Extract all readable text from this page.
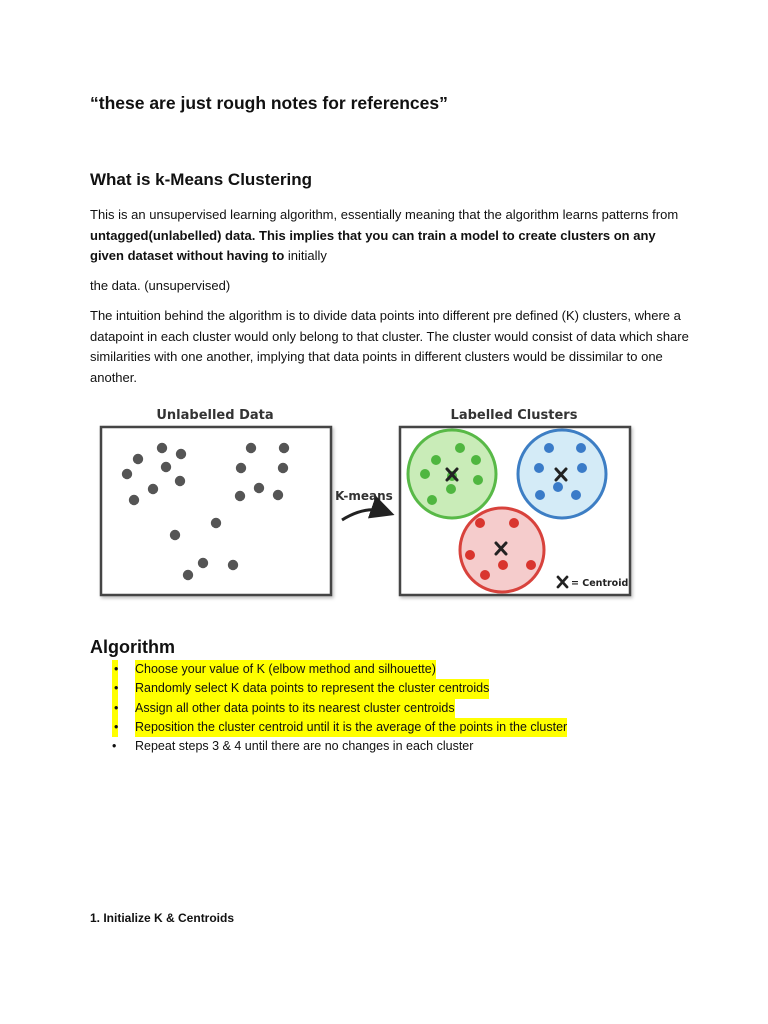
“these are just rough notes for references”
What is k-Means Clustering
This is an unsupervised learning algorithm, essentially meaning that the algorithm learns patterns from untagged(unlabelled) data. This implies that you can train a model to create clusters on any given dataset without having to initially
the data. (unsupervised)
The intuition behind the algorithm is to divide data points into different pre defined (K) clusters, where a datapoint in each cluster would only belong to that cluster. The cluster would consist of data which share similarities with one another, implying that data points in different clusters would be dissimilar to one another.
Unlabelled Data
K-means
Labelled Clusters
= Centroid
Algorithm
• Choose your value of K (elbow method and silhouette)
• Randomly select K data points to represent the cluster centroids
• Assign all other data points to its nearest cluster centroids
• Reposition the cluster centroid until it is the average of the points in the cluster
• Repeat steps 3 & 4 until there are no changes in each cluster
1. Initialize K & Centroids
